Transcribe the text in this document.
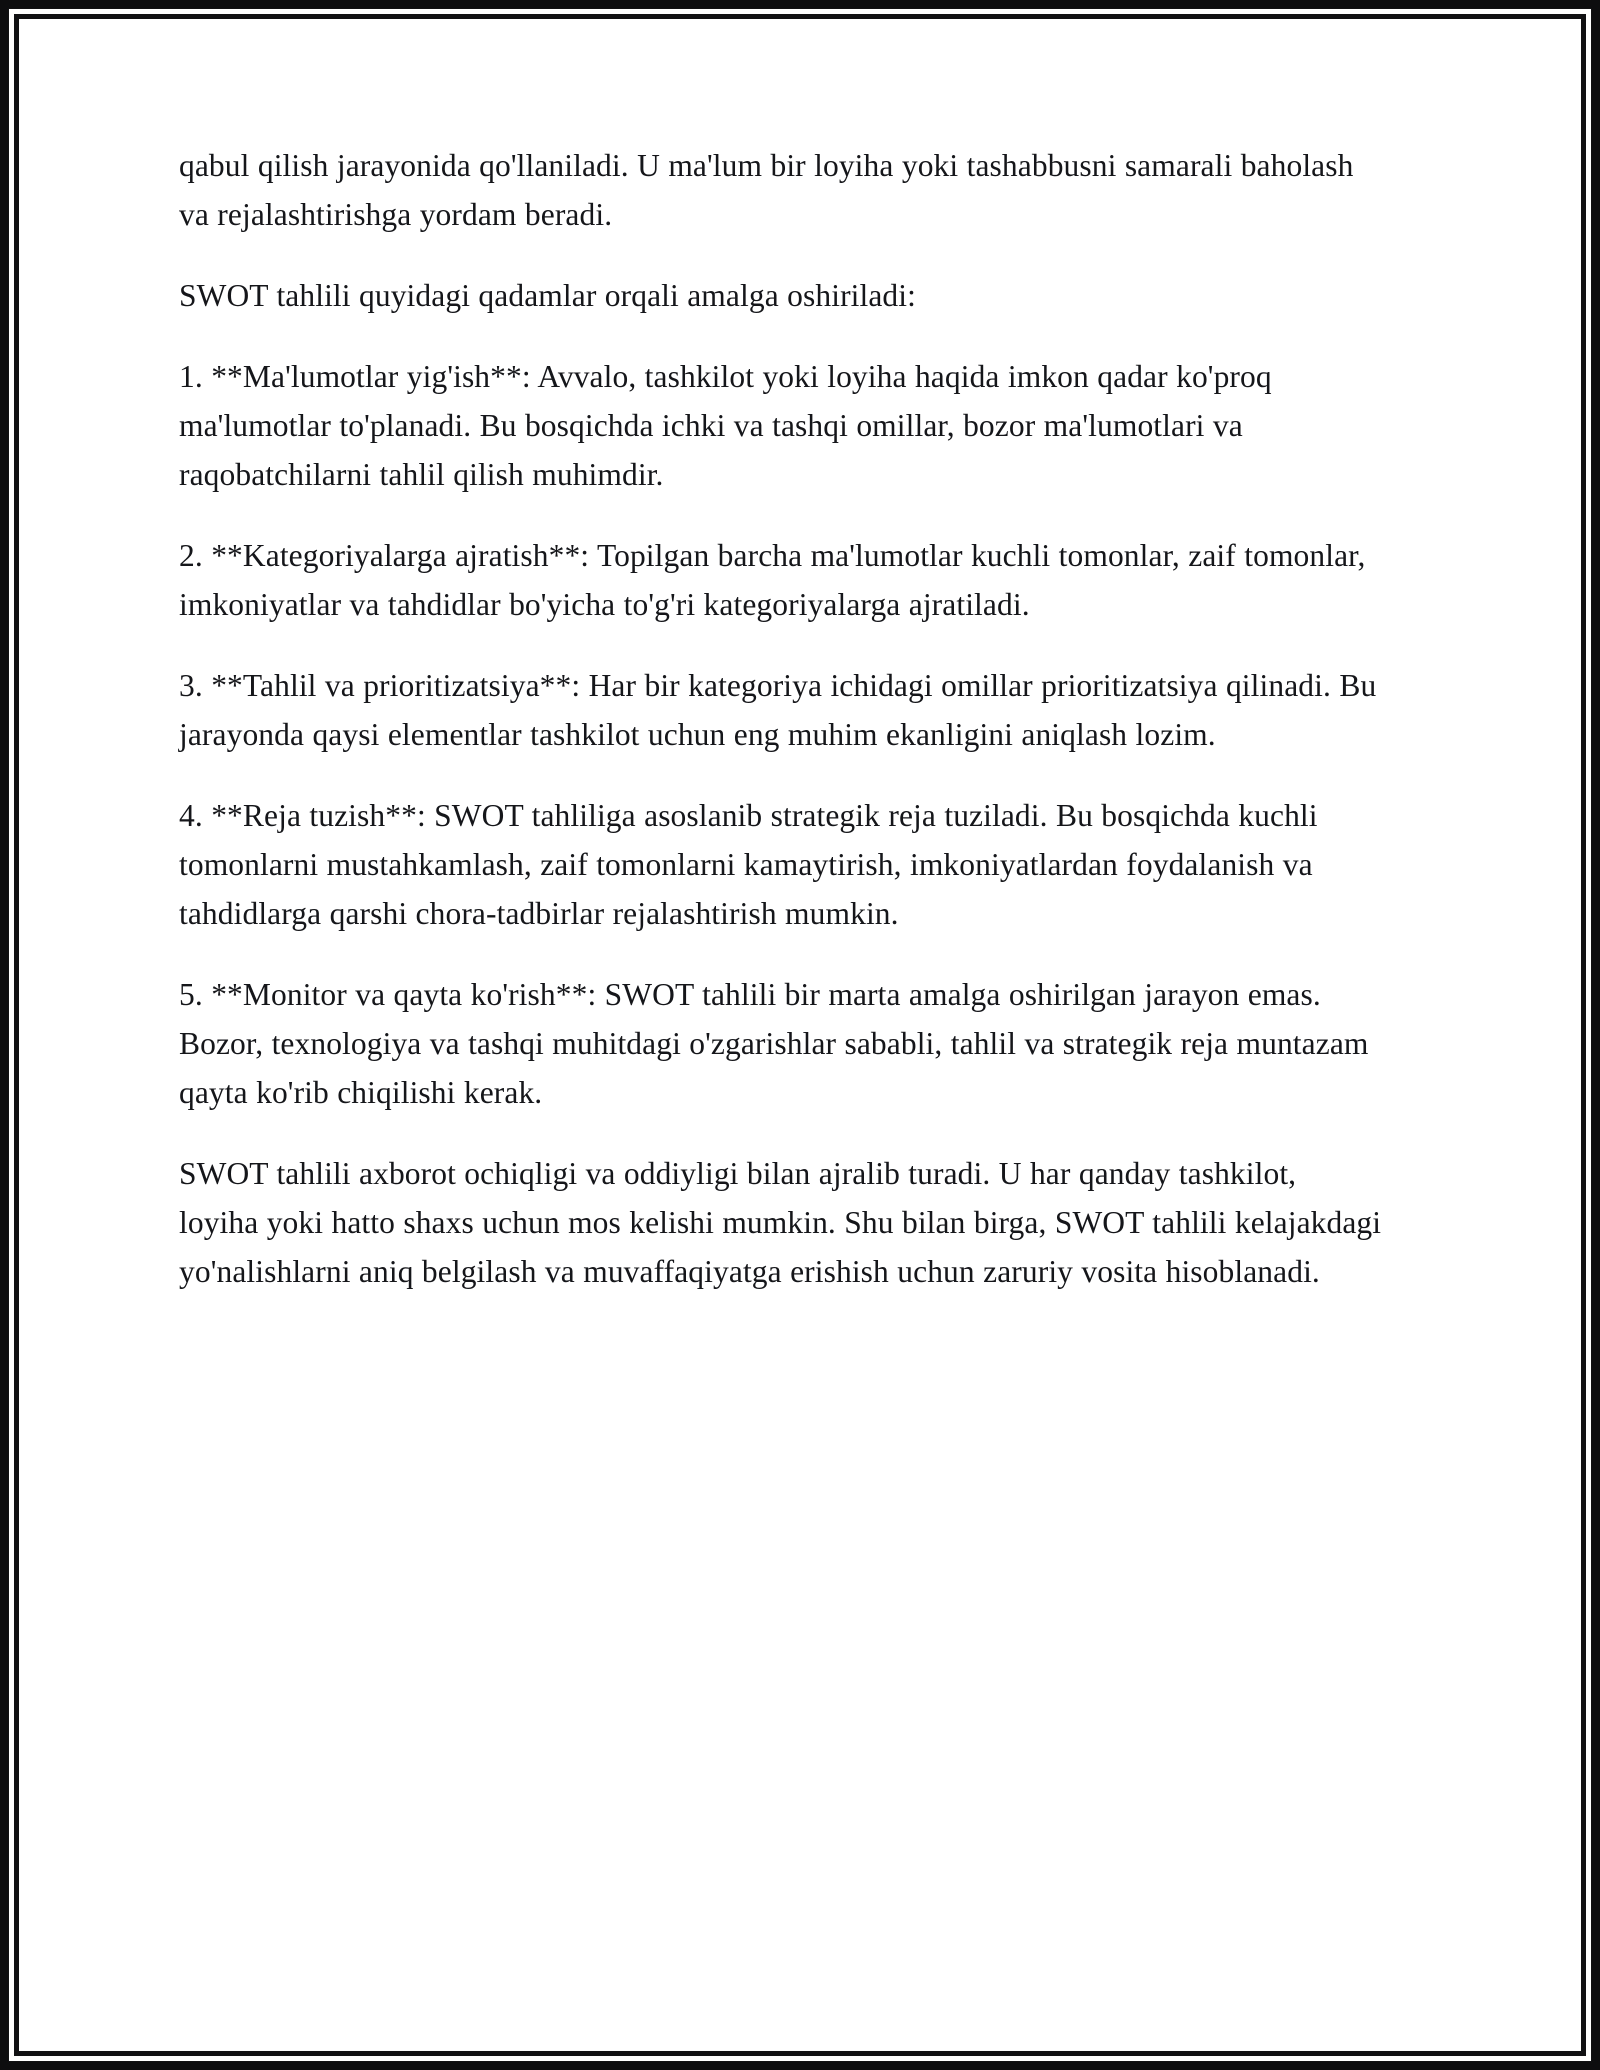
qabul qilish jarayonida qo'llaniladi. U ma'lum bir loyiha yoki tashabbusni samarali baholash va rejalashtirishga yordam beradi.

SWOT tahlili quyidagi qadamlar orqali amalga oshiriladi:

1. **Ma'lumotlar yig'ish**: Avvalo, tashkilot yoki loyiha haqida imkon qadar ko'proq ma'lumotlar to'planadi. Bu bosqichda ichki va tashqi omillar, bozor ma'lumotlari va raqobatchilarni tahlil qilish muhimdir.

2. **Kategoriyalarga ajratish**: Topilgan barcha ma'lumotlar kuchli tomonlar, zaif tomonlar, imkoniyatlar va tahdidlar bo'yicha to'g'ri kategoriyalarga ajratiladi.

3. **Tahlil va prioritizatsiya**: Har bir kategoriya ichidagi omillar prioritizatsiya qilinadi. Bu jarayonda qaysi elementlar tashkilot uchun eng muhim ekanligini aniqlash lozim.

4. **Reja tuzish**: SWOT tahliliga asoslanib strategik reja tuziladi. Bu bosqichda kuchli tomonlarni mustahkamlash, zaif tomonlarni kamaytirish, imkoniyatlardan foydalanish va tahdidlarga qarshi chora-tadbirlar rejalashtirish mumkin.

5. **Monitor va qayta ko'rish**: SWOT tahlili bir marta amalga oshirilgan jarayon emas. Bozor, texnologiya va tashqi muhitdagi o'zgarishlar sababli, tahlil va strategik reja muntazam qayta ko'rib chiqilishi kerak.

SWOT tahlili axborot ochiqligi va oddiyligi bilan ajralib turadi. U har qanday tashkilot, loyiha yoki hatto shaxs uchun mos kelishi mumkin. Shu bilan birga, SWOT tahlili kelajakdagi yo'nalishlarni aniq belgilash va muvaffaqiyatga erishish uchun zaruriy vosita hisoblanadi.
